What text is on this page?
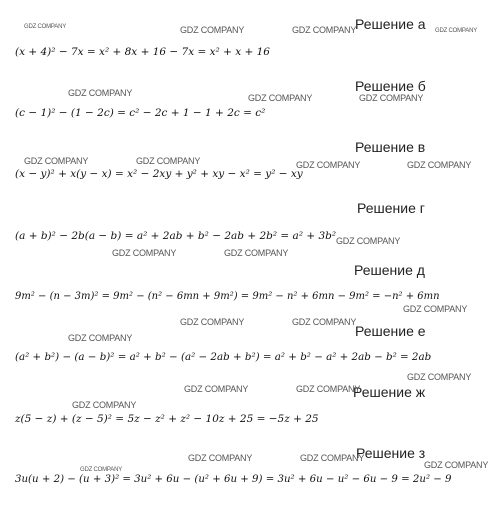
Решение а
(x + 4)² − 7x = x² + 8x + 16 − 7x = x² + x + 16
Решение б
(c − 1)² − (1 − 2c) = c² − 2c + 1 − 1 + 2c = c²
Решение в
(x − y)² + x(y − x) = x² − 2xy + y² + xy − x² = y² − xy
Решение г
(a + b)² − 2b(a − b) = a² + 2ab + b² − 2ab + 2b² = a² + 3b²
Решение д
9m² − (n − 3m)² = 9m² − (n² − 6mn + 9m²) = 9m² − n² + 6mn − 9m² = −n² + 6mn
Решение е
(a² + b²) − (a − b)² = a² + b² − (a² − 2ab + b²) = a² + b² − a² + 2ab − b² = 2ab
Решение ж
z(5 − z) + (z − 5)² = 5z − z² + z² − 10z + 25 = −5z + 25
Решение з
3u(u + 2) − (u + 3)² = 3u² + 6u − (u² + 6u + 9) = 3u² + 6u − u² − 6u − 9 = 2u² − 9
GDZ COMPANY	GDZ COMPANY	GDZ COMPANY	GDZ COMPANY
GDZ COMPANY	GDZ COMPANY	GDZ COMPANY
GDZ COMPANY	GDZ COMPANY	GDZ COMPANY	GDZ COMPANY
GDZ COMPANY
GDZ COMPANY	GDZ COMPANY
GDZ COMPANY
GDZ COMPANY	GDZ COMPANY
GDZ COMPANY
GDZ COMPANY
GDZ COMPANY	GDZ COMPANY
GDZ COMPANY
GDZ COMPANY	GDZ COMPANY
GDZ COMPANY
GDZ COMPANY
